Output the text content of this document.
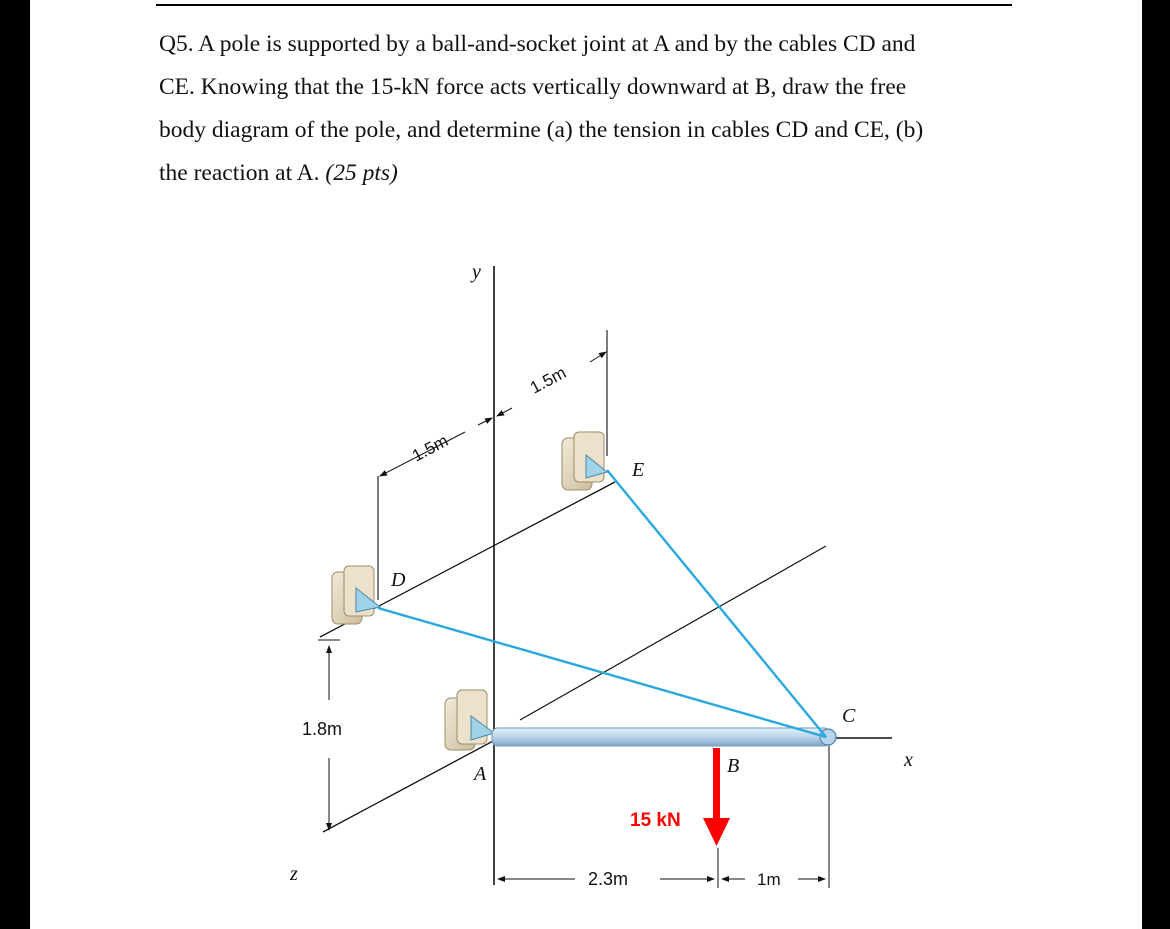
Q5. A pole is supported by a ball-and-socket joint at A and by the cables CD and
CE. Knowing that the 15-kN force acts vertically downward at B, draw the free
body diagram of the pole, and determine (a) the tension in cables CD and CE, (b)
the reaction at A. (25 pts)
y
x
z
1.5m
1.5m
1.8m
2.3m	1m
15 kN
A	B
C
D
E
